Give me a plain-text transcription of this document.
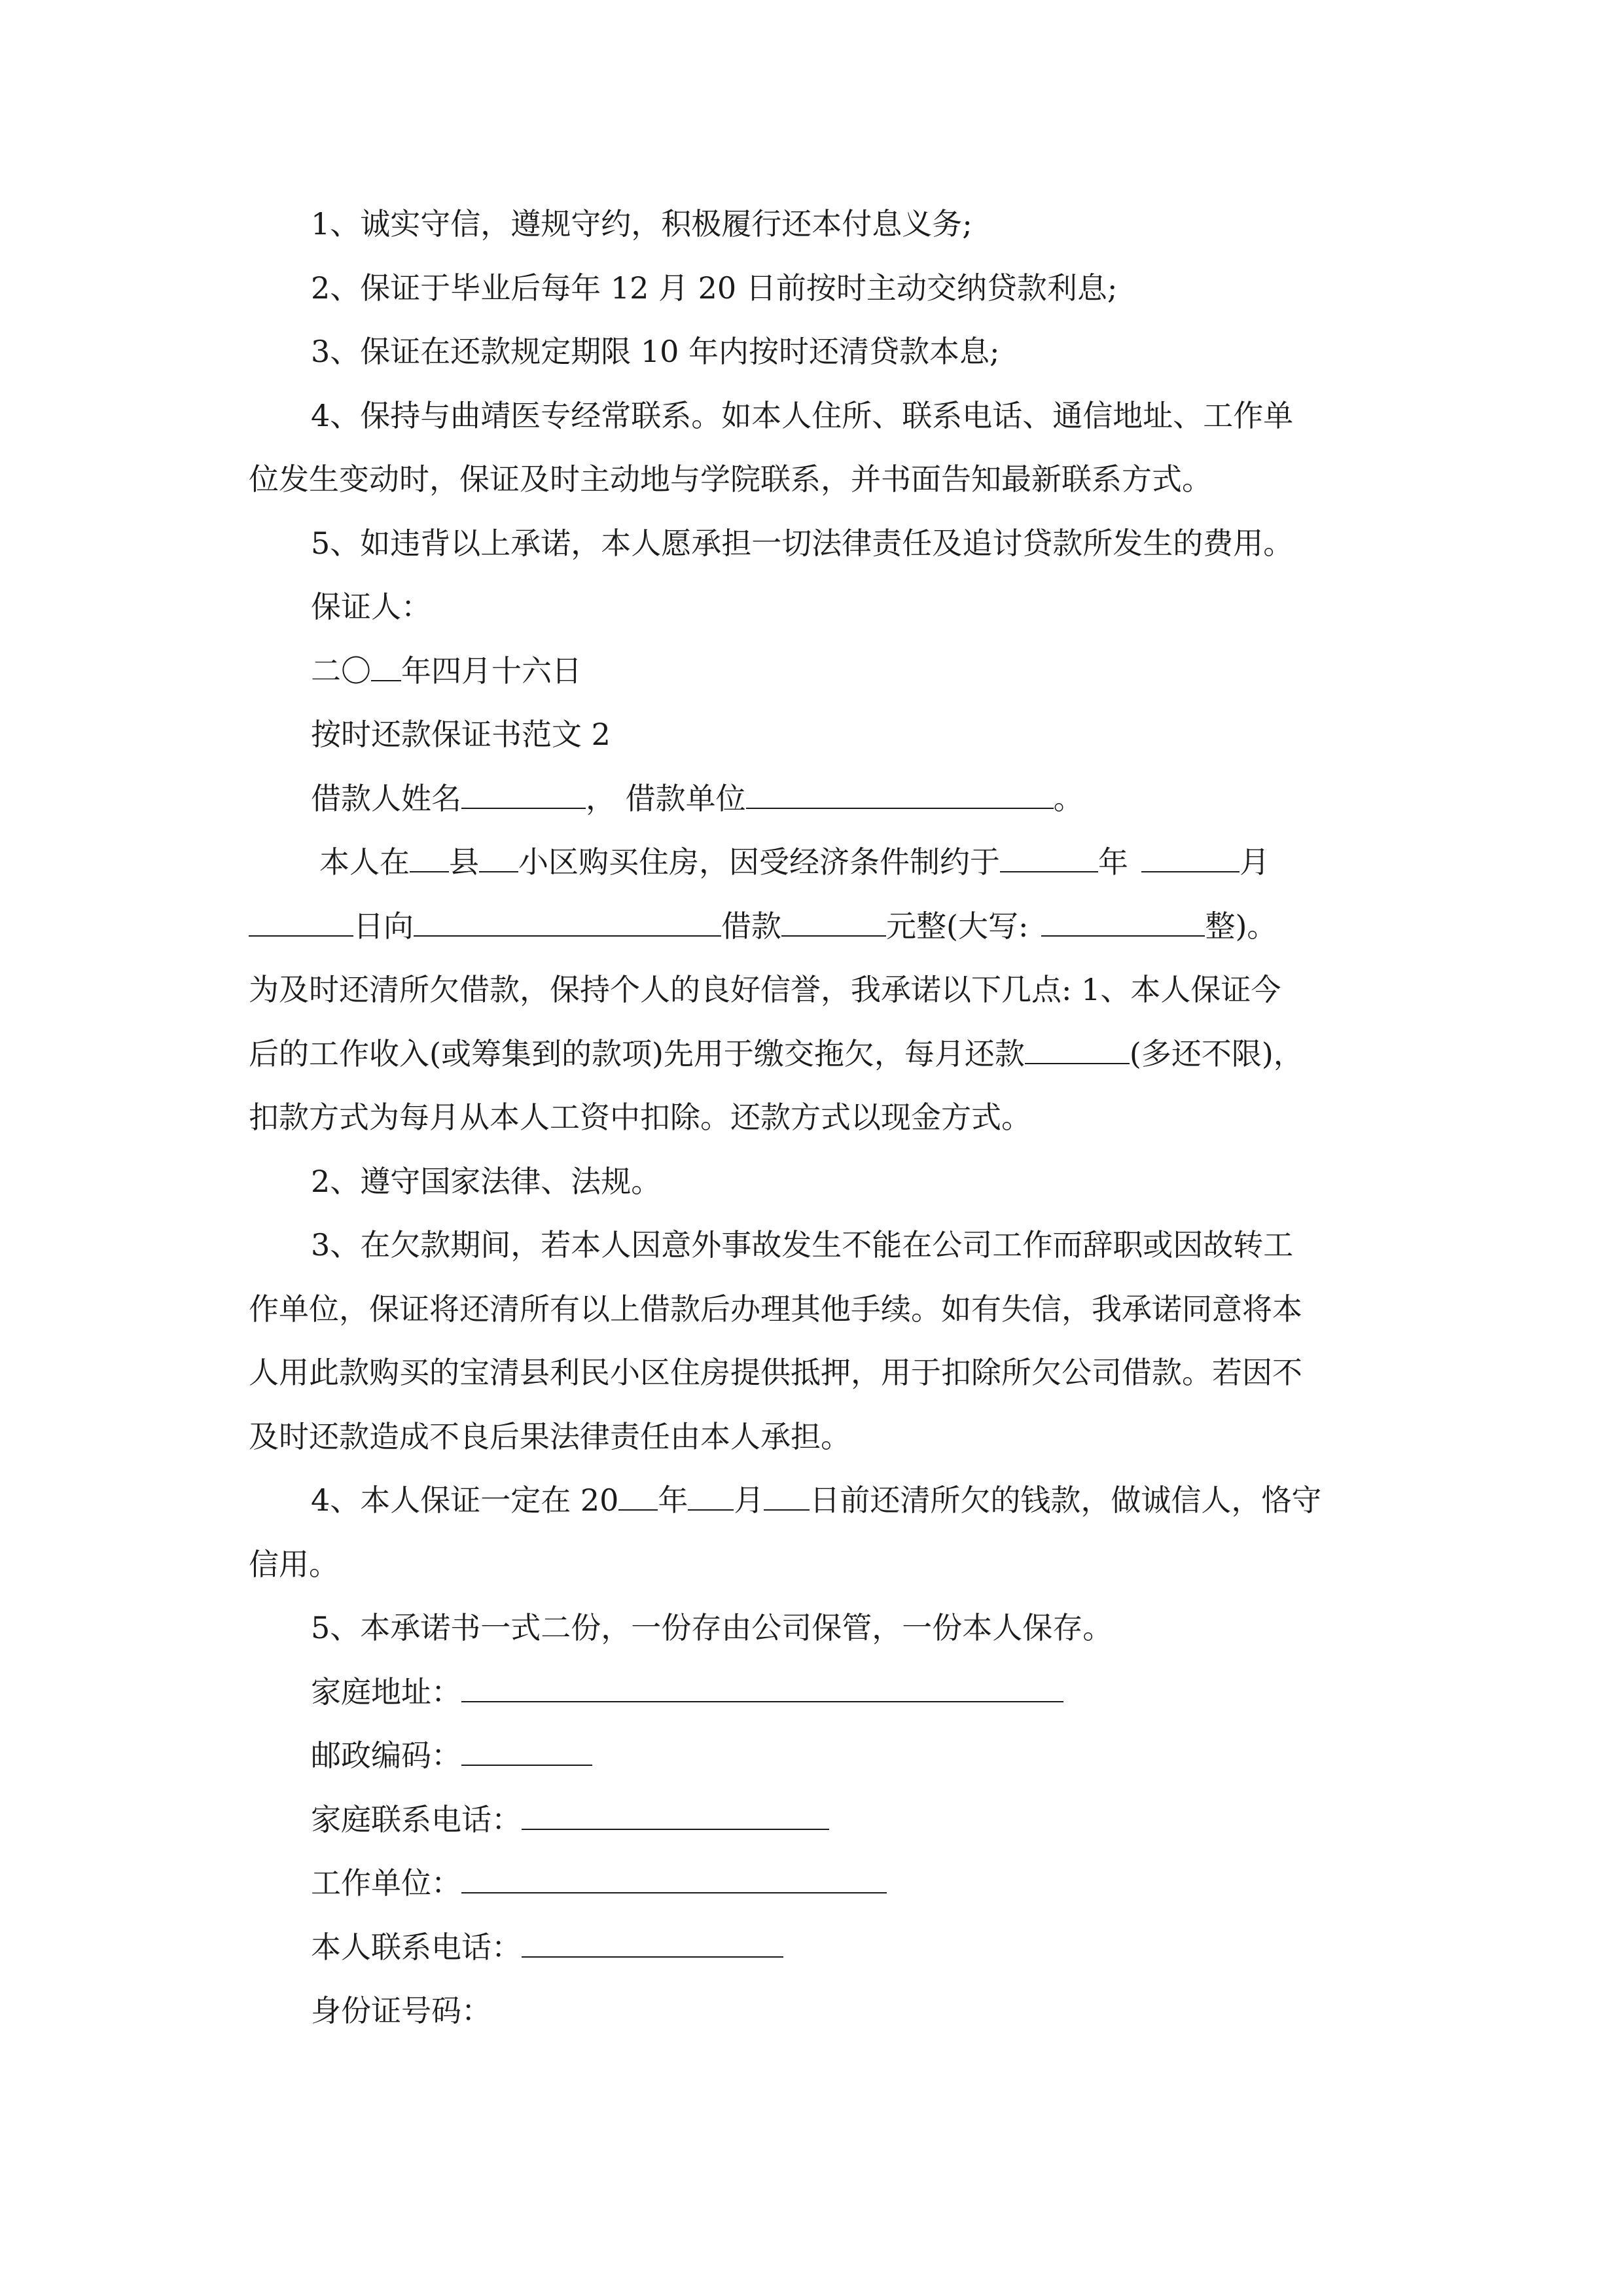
1、诚实守信，遵规守约，积极履行还本付息义务;
2、保证于毕业后每年 12 月 20 日前按时主动交纳贷款利息;
3、保证在还款规定期限 10 年内按时还清贷款本息;
4、保持与曲靖医专经常联系。如本人住所、联系电话、通信地址、工作单
位发生变动时，保证及时主动地与学院联系，并书面告知最新联系方式。
5、如违背以上承诺，本人愿承担一切法律责任及追讨贷款所发生的费用。
保证人：
二〇 年四月十六日
按时还款保证书范文 2
借款人姓名	， 借款单位	。
本人在 县 小区购买住房，因受经济条件制约于	年	月
日向	借款	元整(大写:	整)。
为及时还清所欠借款，保持个人的良好信誉，我承诺以下几点: 1、本人保证今
后的工作收入(或筹集到的款项)先用于缴交拖欠，每月还款	(多还不限)，
扣款方式为每月从本人工资中扣除。还款方式以现金方式。
2、遵守国家法律、法规。
3、在欠款期间，若本人因意外事故发生不能在公司工作而辞职或因故转工
作单位，保证将还清所有以上借款后办理其他手续。如有失信，我承诺同意将本
人用此款购买的宝清县利民小区住房提供抵押，用于扣除所欠公司借款。若因不
及时还款造成不良后果法律责任由本人承担。
4、本人保证一定在 20 年 月 日前还清所欠的钱款，做诚信人，恪守
信用。
5、本承诺书一式二份，一份存由公司保管，一份本人保存。
家庭地址：
邮政编码：
家庭联系电话：
工作单位：
本人联系电话：
身份证号码：
